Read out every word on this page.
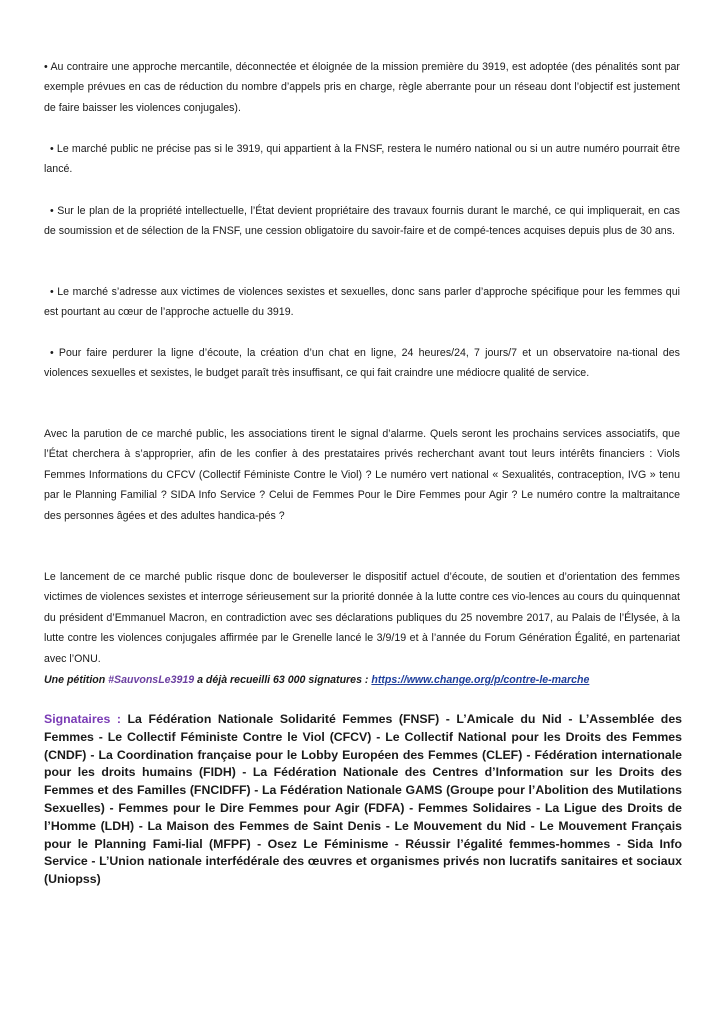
• Au contraire une approche mercantile, déconnectée et éloignée de la mission première du 3919, est adoptée (des pénalités sont par exemple prévues en cas de réduction du nombre d’appels pris en charge, règle aberrante pour un réseau dont l’objectif est justement de faire baisser les violences conjugales).

• Le marché public ne précise pas si le 3919, qui appartient à la FNSF, restera le numéro national ou si un autre numéro pourrait être lancé.

• Sur le plan de la propriété intellectuelle, l’État devient propriétaire des travaux fournis durant le marché, ce qui impliquerait, en cas de soumission et de sélection de la FNSF, une cession obligatoire du savoir-faire et de compé-tences acquises depuis plus de 30 ans.

• Le marché s’adresse aux victimes de violences sexistes et sexuelles, donc sans parler d’approche spécifique pour les femmes qui est pourtant au cœur de l’approche actuelle du 3919.

• Pour faire perdurer la ligne d’écoute, la création d’un chat en ligne, 24 heures/24, 7 jours/7 et un observatoire na-tional des violences sexuelles et sexistes, le budget paraît très insuffisant, ce qui fait craindre une médiocre qualité de service.

Avec la parution de ce marché public, les associations tirent le signal d’alarme. Quels seront les prochains services associatifs, que l’État cherchera à s’approprier, afin de les confier à des prestataires privés recherchant avant tout leurs intérêts financiers : Viols Femmes Informations du CFCV (Collectif Féministe Contre le Viol) ? Le numéro vert national « Sexualités, contraception, IVG » tenu par le Planning Familial ? SIDA Info Service ? Celui de Femmes Pour le Dire Femmes pour Agir ? Le numéro contre la maltraitance des personnes âgées et des adultes handica-pés ?

Le lancement de ce marché public risque donc de bouleverser le dispositif actuel d’écoute, de soutien et d’orientation des femmes victimes de violences sexistes et interroge sérieusement sur la priorité donnée à la lutte contre ces vio-lences au cours du quinquennat du président d’Emmanuel Macron, en contradiction avec ses déclarations publiques du 25 novembre 2017, au Palais de l’Élysée, à la lutte contre les violences conjugales affirmée par le Grenelle lancé le 3/9/19 et à l’année du Forum Génération Égalité, en partenariat avec l’ONU.

Une pétition #SauvonsLe3919 a déjà recueilli 63 000 signatures : https://www.change.org/p/contre-le-marche

Signataires : La Fédération Nationale Solidarité Femmes (FNSF) - L’Amicale du Nid - L’Assemblée des Femmes - Le Collectif Féministe Contre le Viol (CFCV) - Le Collectif National pour les Droits des Femmes (CNDF) - La Coordination française pour le Lobby Européen des Femmes (CLEF) - Fédération internationale pour les droits humains (FIDH) - La Fédération Nationale des Centres d’Information sur les Droits des Femmes et des Familles (FNCIDFF) - La Fédération Nationale GAMS (Groupe pour l’Abolition des Mutilations Sexuelles) - Femmes pour le Dire Femmes pour Agir (FDFA) - Femmes Solidaires - La Ligue des Droits de l’Homme (LDH) - La Maison des Femmes de Saint Denis - Le Mouvement du Nid - Le Mouvement Français pour le Planning Fami-lial (MFPF) - Osez Le Féminisme - Réussir l’égalité femmes-hommes - Sida Info Service - L’Union nationale interfédérale des œuvres et organismes privés non lucratifs sanitaires et sociaux (Uniopss)
